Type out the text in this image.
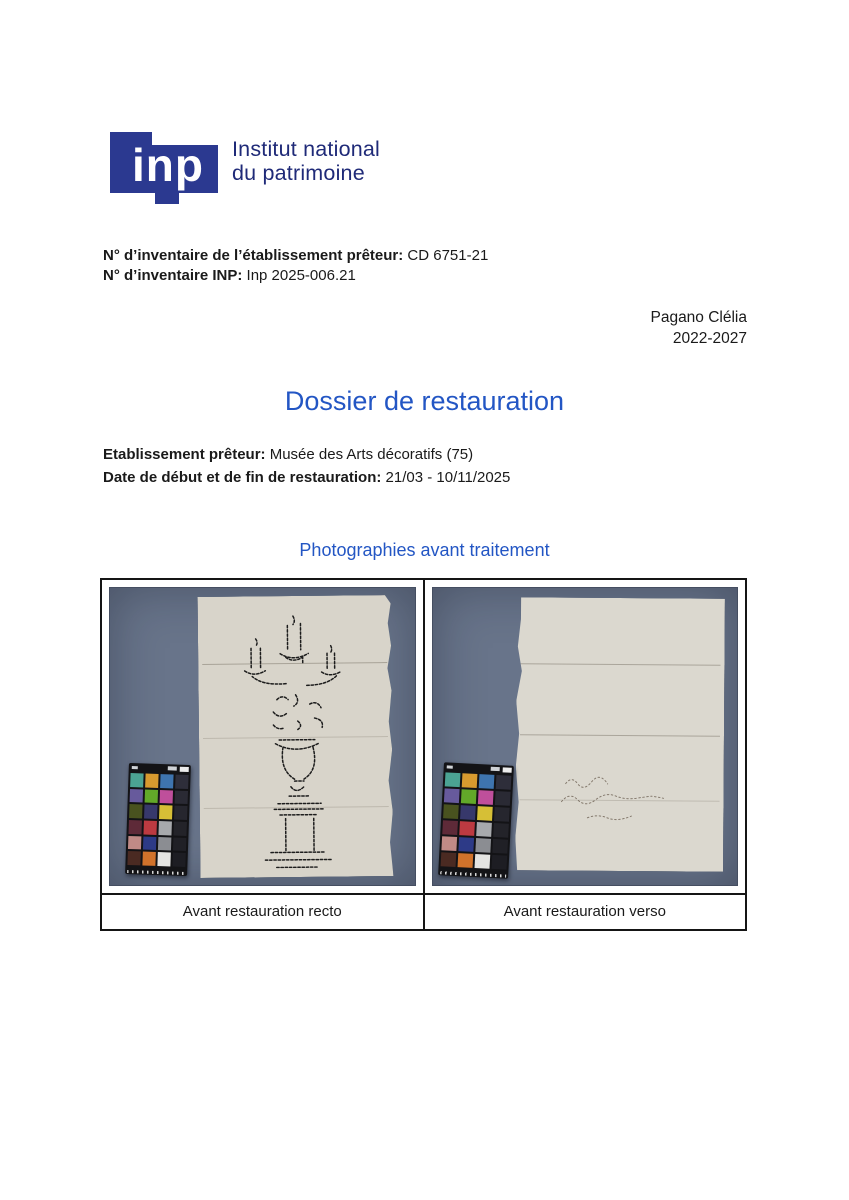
inp	Institut national
du patrimoine
N° d’inventaire de l’établissement prêteur: CD 6751-21
N° d’inventaire INP: Inp 2025-006.21
Pagano Clélia
2022-2027
Dossier de restauration
Etablissement prêteur: Musée des Arts décoratifs (75)
Date de début et de fin de restauration: 21/03 - 10/11/2025
Photographies avant traitement
Avant restauration recto	Avant restauration verso
